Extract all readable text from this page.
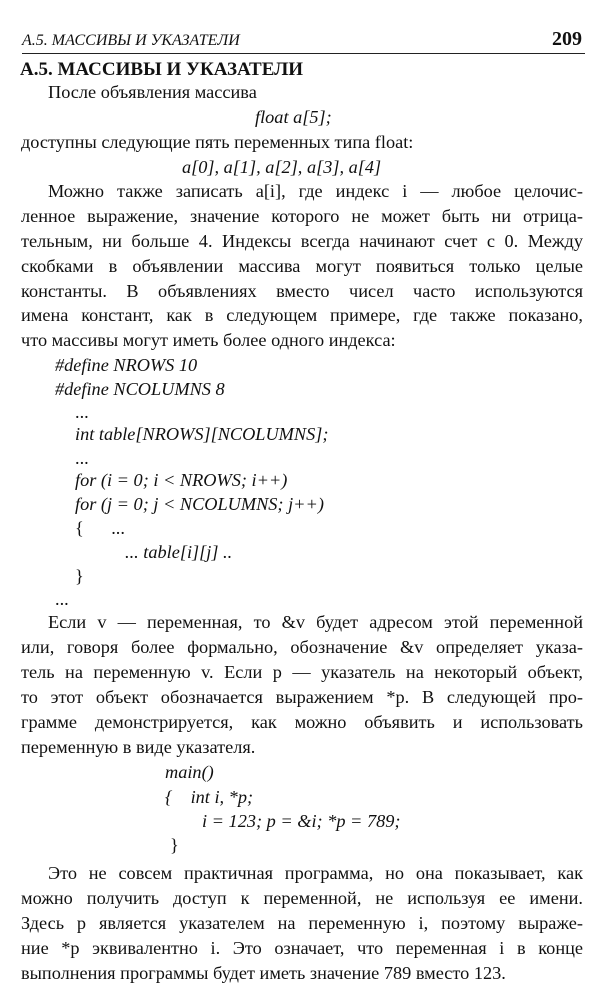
А.5. МАССИВЫ И УКАЗАТЕЛИ	209
А.5. МАССИВЫ И УКАЗАТЕЛИ
После объявления массива
float a[5];
доступны следующие пять переменных типа float:
a[0], a[1], a[2], a[3], a[4]
Можно также записать a[i], где индекс i — любое целочис-
ленное выражение, значение которого не может быть ни отрица-
тельным, ни больше 4. Индексы всегда начинают счет с 0. Между
скобками в объявлении массива могут появиться только целые
константы. В объявлениях вместо чисел часто используются
имена констант, как в следующем примере, где также показано,
что массивы могут иметь более одного индекса:
#define NROWS 10
#define NCOLUMNS 8
...
int table[NROWS][NCOLUMNS];
...
for (i = 0; i < NROWS; i++)
for (j = 0; j < NCOLUMNS; j++)
{      ...
... table[i][j] ..
}
...
Если v — переменная, то &v будет адресом этой переменной
или, говоря более формально, обозначение &v определяет указа-
тель на переменную v. Если p — указатель на некоторый объект,
то этот объект обозначается выражением *p. В следующей про-
грамме демонстрируется, как можно объявить и использовать
переменную в виде указателя.
main()
{    int i, *p;
i = 123; p = &i; *p = 789;
}
Это не совсем практичная программа, но она показывает, как
можно получить доступ к переменной, не используя ее имени.
Здесь p является указателем на переменную i, поэтому выраже-
ние *p эквивалентно i. Это означает, что переменная i в конце
выполнения программы будет иметь значение 789 вместо 123.
